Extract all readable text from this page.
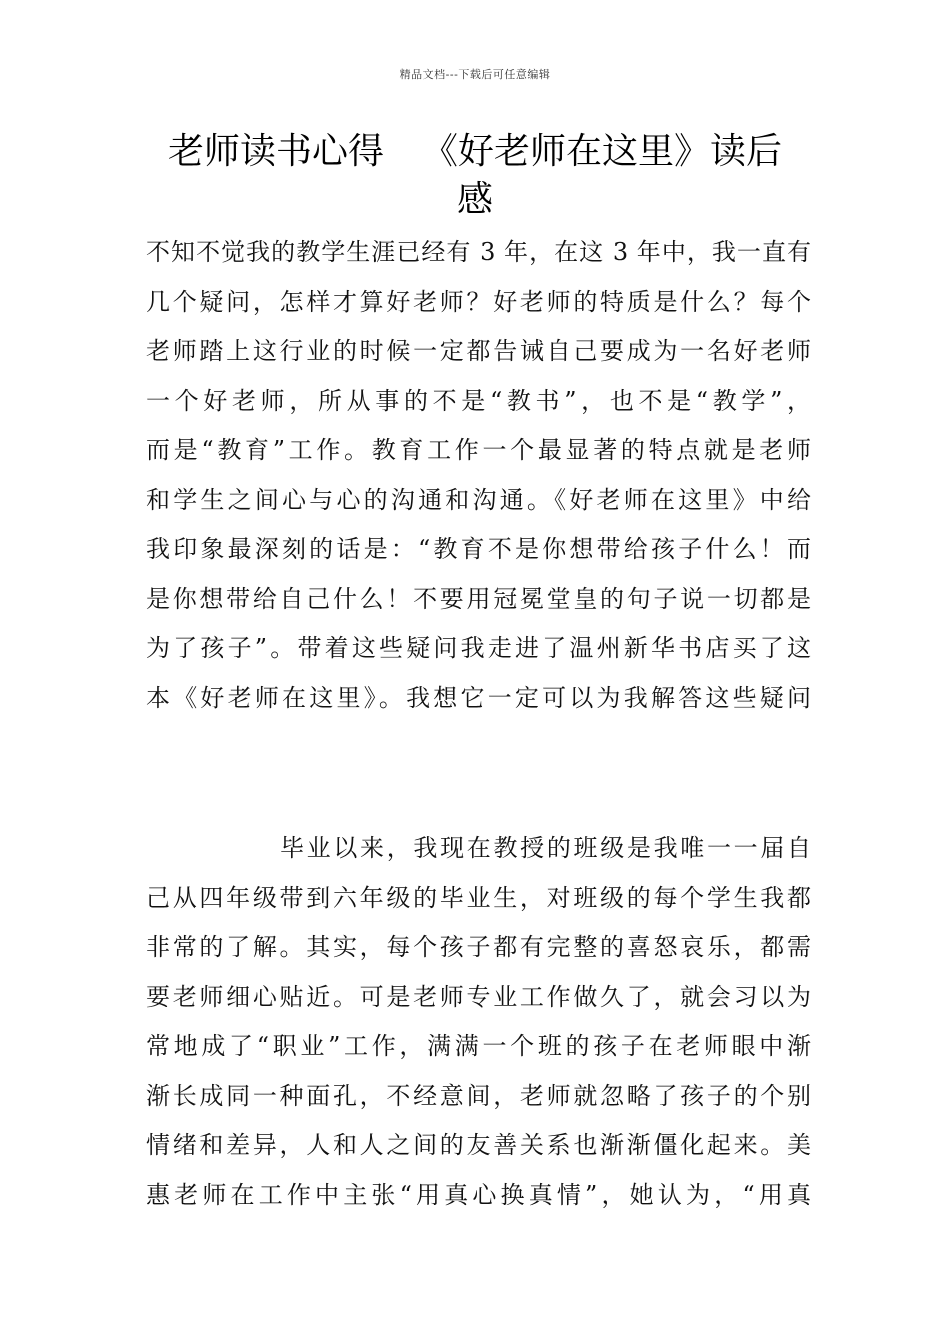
精品文档---下载后可任意编辑
老师读书心得 《好老师在这里》读后
感
不知不觉我的教学生涯已经有 3 年，在这 3 年中，我一直有
几个疑问，怎样才算好老师？好老师的特质是什么？每个
老师踏上这行业的时候一定都告诫自己要成为一名好老师
一个好老师，所从事的不是“教书”，也不是“教学”，
而是“教育”工作。教育工作一个最显著的特点就是老师
和学生之间心与心的沟通和沟通。《好老师在这里》中给
我印象最深刻的话是：“教育不是你想带给孩子什么！而
是你想带给自己什么！不要用冠冕堂皇的句子说一切都是
为了孩子”。带着这些疑问我走进了温州新华书店买了这
本《好老师在这里》。我想它一定可以为我解答这些疑问
毕业以来，我现在教授的班级是我唯一一届自
己从四年级带到六年级的毕业生，对班级的每个学生我都
非常的了解。其实，每个孩子都有完整的喜怒哀乐，都需
要老师细心贴近。可是老师专业工作做久了，就会习以为
常地成了“职业”工作，满满一个班的孩子在老师眼中渐
渐长成同一种面孔，不经意间，老师就忽略了孩子的个别
情绪和差异，人和人之间的友善关系也渐渐僵化起来。美
惠老师在工作中主张“用真心换真情”，她认为，“用真
